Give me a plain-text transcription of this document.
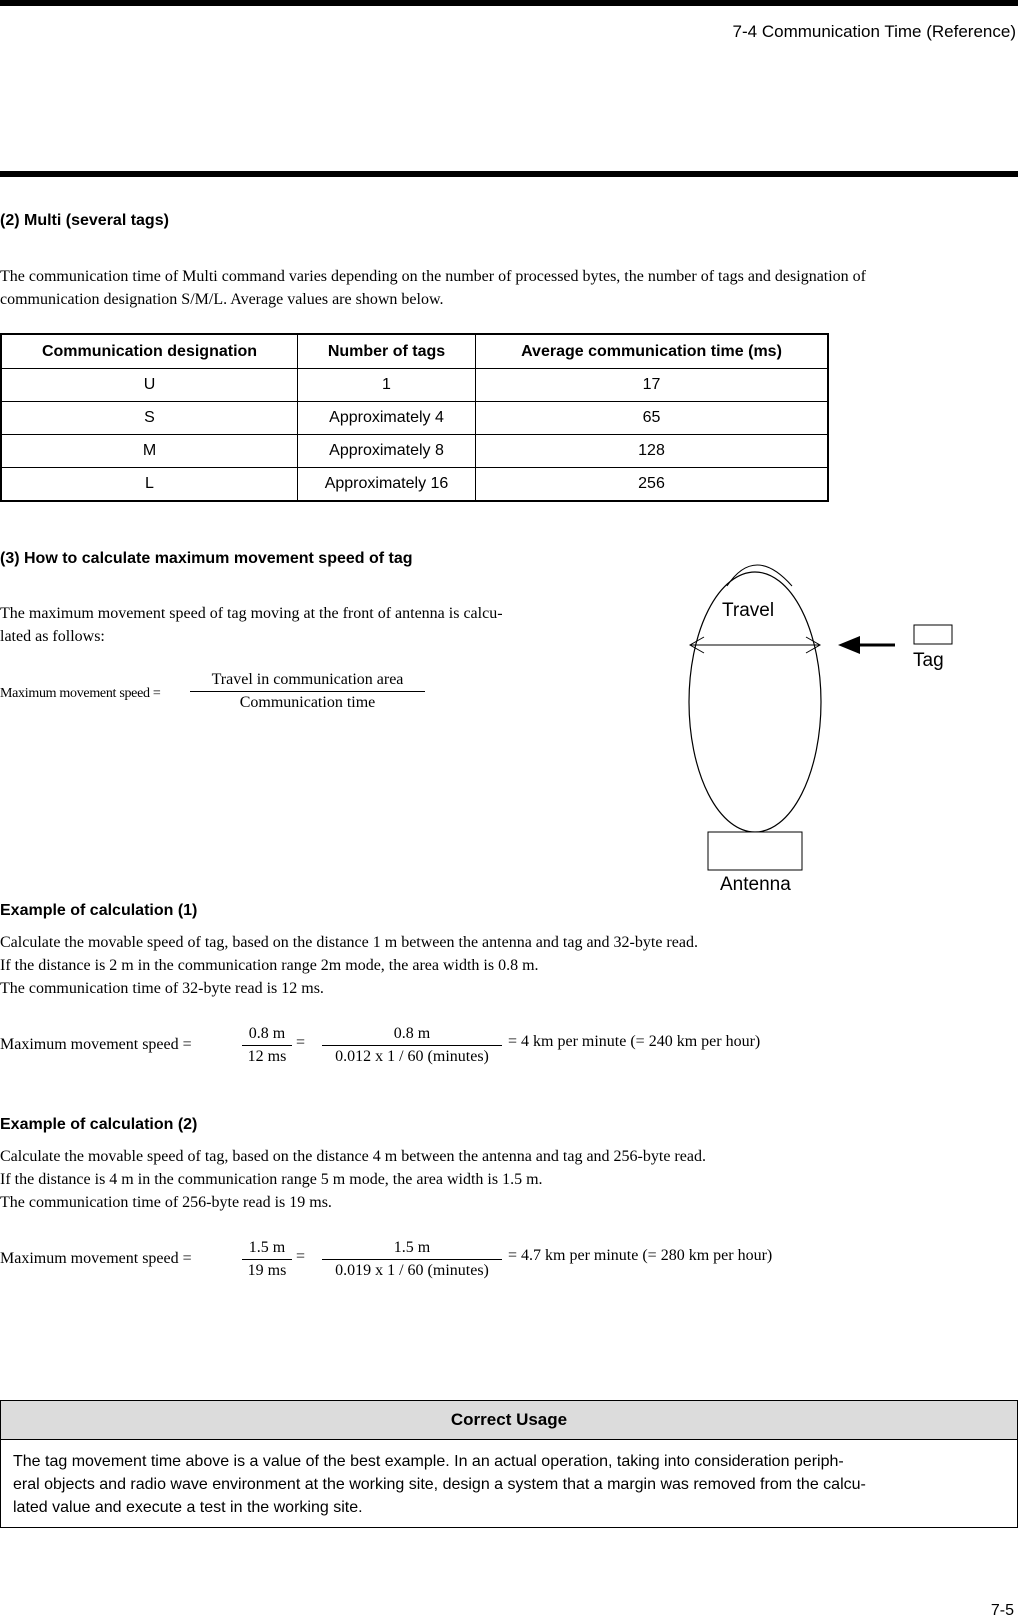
7-4 Communication Time (Reference)
(2) Multi (several tags)
The communication time of Multi command varies depending on the number of processed bytes, the number of tags and designation of
communication designation S/M/L. Average values are shown below.
Communication designation	Number of tags	Average communication time (ms)
U	1	17
S	Approximately 4	65
M	Approximately 8	128
L	Approximately 16	256
(3) How to calculate maximum movement speed of tag
The maximum movement speed of tag moving at the front of antenna is calcu-
lated as follows:
Maximum movement speed =
Travel in communication area
Communication time
Travel
Tag
Antenna
Example of calculation (1)
Calculate the movable speed of tag, based on the distance 1 m between the antenna and tag and 32-byte read.
If the distance is 2 m in the communication range 2m mode, the area width is 0.8 m.
The communication time of 32-byte read is 12 ms.
Maximum movement speed =	$\frac{0.8 m}{12 ms}$ =
0.8 m
0.012 x 1 / 60 (minutes)
= 4 km per minute (= 240 km per hour)
Example of calculation (2)
Calculate the movable speed of tag, based on the distance 4 m between the antenna and tag and 256-byte read.
If the distance is 4 m in the communication range 5 m mode, the area width is 1.5 m.
The communication time of 256-byte read is 19 ms.
Maximum movement speed =	$\frac{1.5 m}{19 ms}$ =
1.5 m
0.019 x 1 / 60 (minutes)
= 4.7 km per minute (= 280 km per hour)
Correct Usage
The tag movement time above is a value of the best example. In an actual operation, taking into consideration periph-
eral objects and radio wave environment at the working site, design a system that a margin was removed from the calcu-
lated value and execute a test in the working site.
7-5
